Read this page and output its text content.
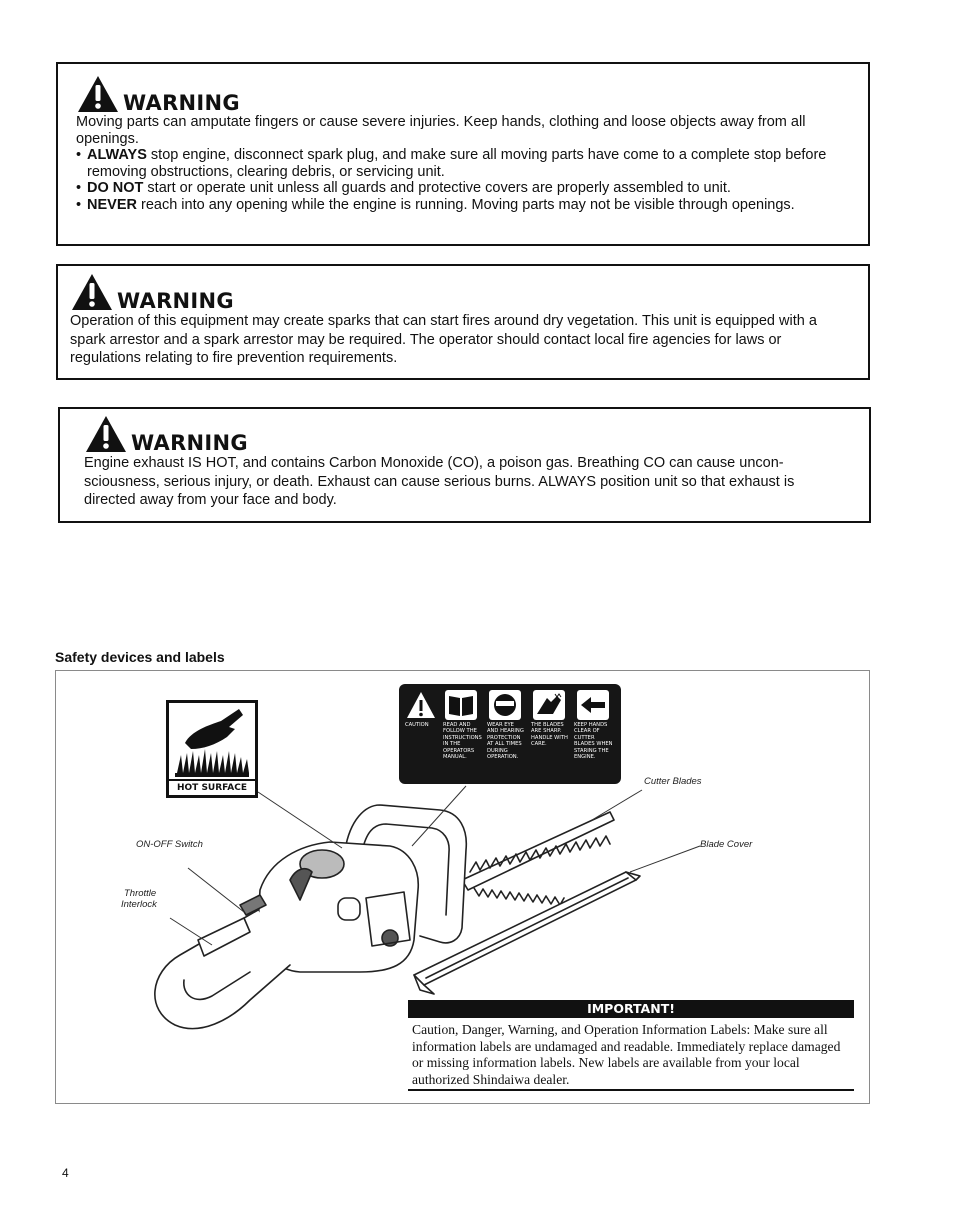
WARNING

Moving parts can amputate fingers or cause severe injuries. Keep hands, clothing and loose objects away from all openings.

• ALWAYS stop engine, disconnect spark plug, and make sure all moving parts have come to a complete stop before removing obstructions, clearing debris, or servicing unit.

• DO NOT start or operate unit unless all guards and protective covers are properly assembled to unit.

• NEVER reach into any opening while the engine is running. Moving parts may not be visible through openings.

WARNING

Operation of this equipment may create sparks that can start fires around dry vegetation. This unit is equipped with a spark arrestor and a spark arrestor may be required. The operator should contact local fire agencies for laws or regulations relating to fire prevention requirements.

WARNING

Engine exhaust IS HOT, and contains Carbon Monoxide (CO), a poison gas. Breathing CO can cause uncon-sciousness, serious injury, or death. Exhaust can cause serious burns. ALWAYS position unit so that exhaust is directed away from your face and body.

Safety devices and labels
HOT SURFACE
CAUTION	READ AND
FOLLOW THE
INSTRUCTIONS
IN THE
OPERATORS
MANUAL.
WEAR EYE
AND HEARING
PROTECTION
AT ALL TIMES
DURING
OPERATION.
THE BLADES
ARE SHARP.
HANDLE WITH
CARE.
KEEP HANDS
CLEAR OF
CUTTER
BLADES WHEN
STARING THE
ENGINE.
Cutter Blades
Blade Cover
ON-OFF Switch
Throttle
Interlock
IMPORTANT!
Caution, Danger, Warning, and Operation Information Labels: Make sure all information labels are undamaged and readable. Immediately replace damaged or missing information labels. New labels are available from your local authorized Shindaiwa dealer.
4
